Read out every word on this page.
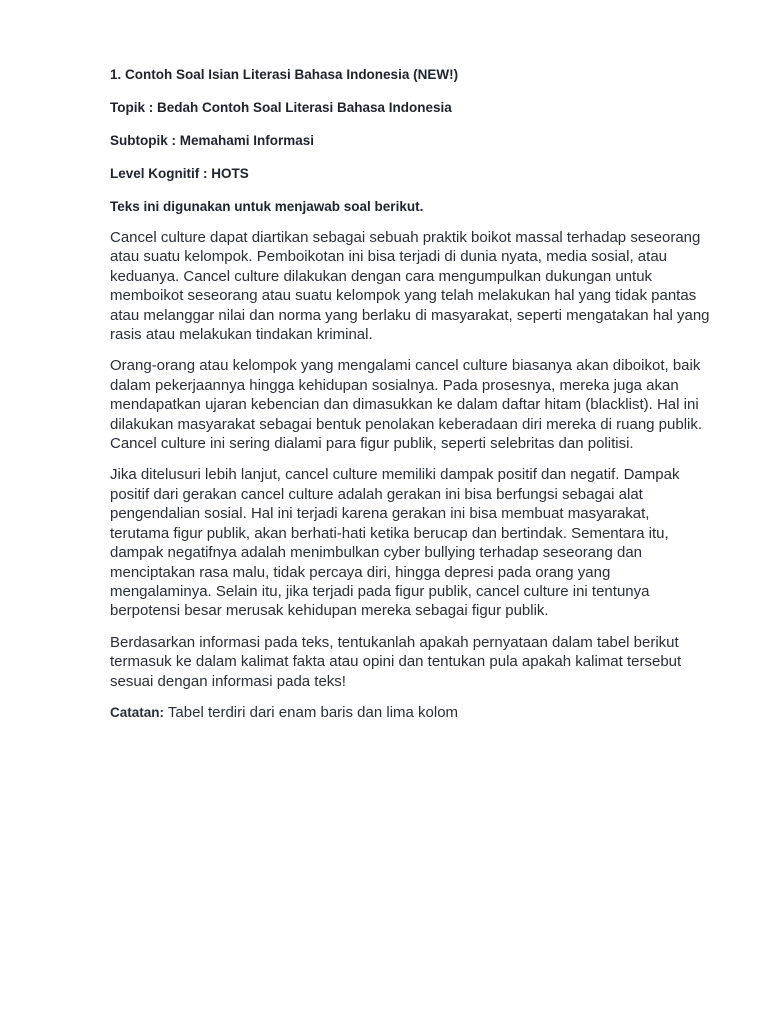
1. Contoh Soal Isian Literasi Bahasa Indonesia (NEW!)

Topik : Bedah Contoh Soal Literasi Bahasa Indonesia

Subtopik : Memahami Informasi

Level Kognitif : HOTS

Teks ini digunakan untuk menjawab soal berikut.

Cancel culture dapat diartikan sebagai sebuah praktik boikot massal terhadap seseorang atau suatu kelompok. Pemboikotan ini bisa terjadi di dunia nyata, media sosial, atau keduanya. Cancel culture dilakukan dengan cara mengumpulkan dukungan untuk memboikot seseorang atau suatu kelompok yang telah melakukan hal yang tidak pantas atau melanggar nilai dan norma yang berlaku di masyarakat, seperti mengatakan hal yang rasis atau melakukan tindakan kriminal.

Orang-orang atau kelompok yang mengalami cancel culture biasanya akan diboikot, baik dalam pekerjaannya hingga kehidupan sosialnya. Pada prosesnya, mereka juga akan mendapatkan ujaran kebencian dan dimasukkan ke dalam daftar hitam (blacklist). Hal ini dilakukan masyarakat sebagai bentuk penolakan keberadaan diri mereka di ruang publik. Cancel culture ini sering dialami para figur publik, seperti selebritas dan politisi.

Jika ditelusuri lebih lanjut, cancel culture memiliki dampak positif dan negatif. Dampak positif dari gerakan cancel culture adalah gerakan ini bisa berfungsi sebagai alat pengendalian sosial. Hal ini terjadi karena gerakan ini bisa membuat masyarakat, terutama figur publik, akan berhati-hati ketika berucap dan bertindak. Sementara itu, dampak negatifnya adalah menimbulkan cyber bullying terhadap seseorang dan menciptakan rasa malu, tidak percaya diri, hingga depresi pada orang yang mengalaminya. Selain itu, jika terjadi pada figur publik, cancel culture ini tentunya berpotensi besar merusak kehidupan mereka sebagai figur publik.

Berdasarkan informasi pada teks, tentukanlah apakah pernyataan dalam tabel berikut termasuk ke dalam kalimat fakta atau opini dan tentukan pula apakah kalimat tersebut sesuai dengan informasi pada teks!

Catatan: Tabel terdiri dari enam baris dan lima kolom
